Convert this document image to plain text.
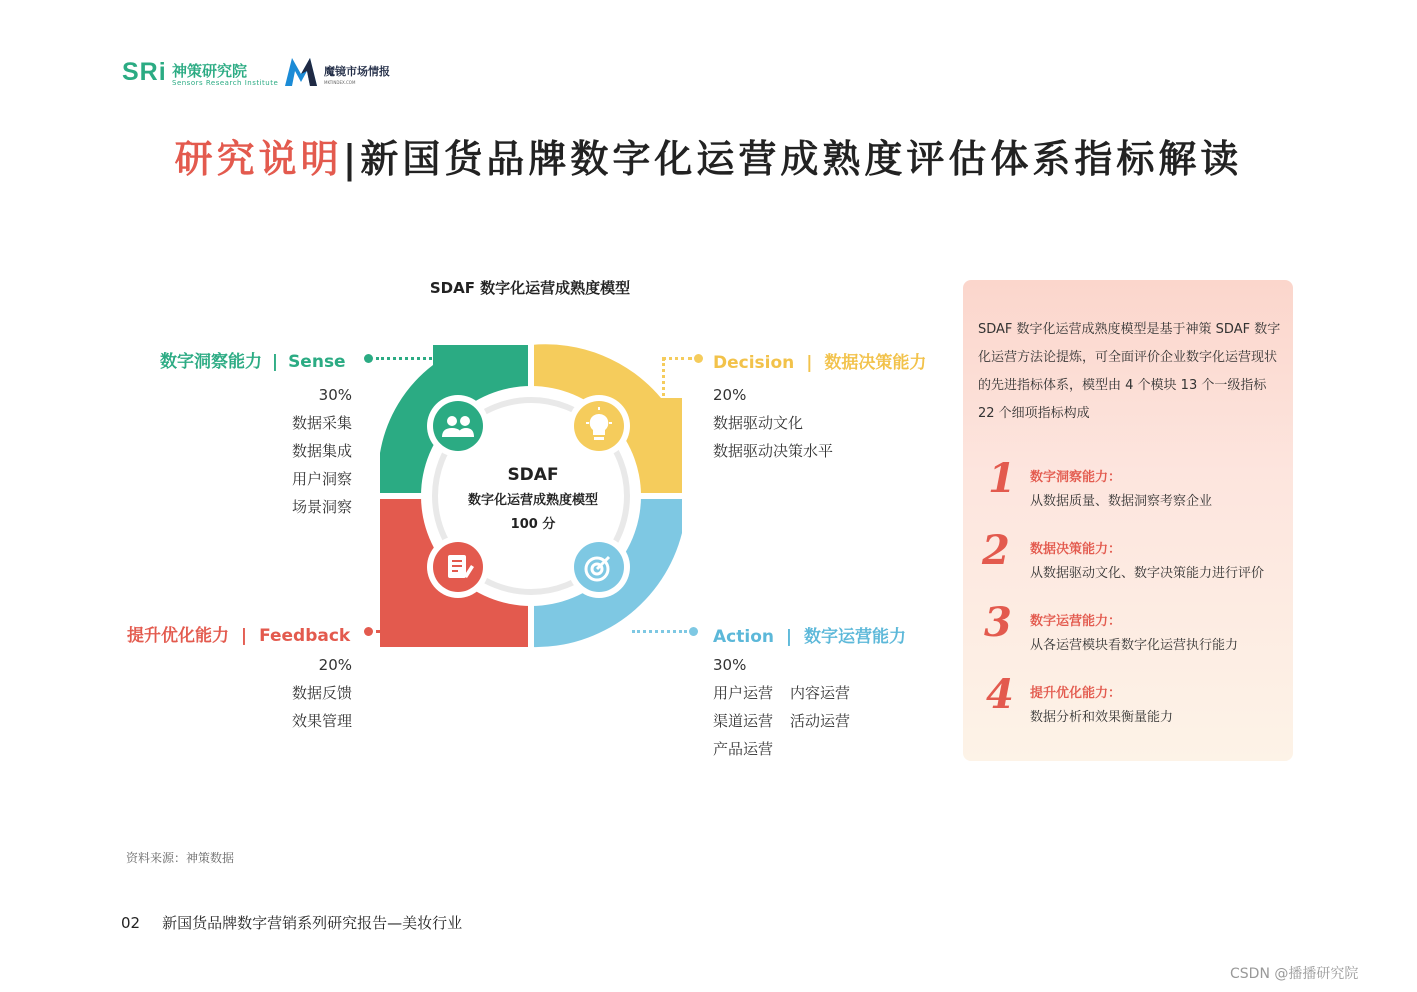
SRi 神策研究院
Sensors Research Institute
魔镜市场情报
MKTINDEX.COM
研究说明|新国货品牌数字化运营成熟度评估体系指标解读
SDAF 数字化运营成熟度模型
SDAF
数字化运营成熟度模型
100 分
数字洞察能力 | Sense
30%
数据采集
数据集成
用户洞察
场景洞察
Decision | 数据决策能力
20%
数据驱动文化
数据驱动决策水平
提升优化能力 | Feedback
20%
数据反馈
效果管理
Action | 数字运营能力
30%
用户运营 内容运营
渠道运营 活动运营
产品运营
SDAF 数字化运营成熟度模型是基于神策 SDAF 数字化运营方法论提炼，可全面评价企业数字化运营现状的先进指标体系，模型由 4 个模块 13 个一级指标 22 个细项指标构成
1 数字洞察能力：
从数据质量、数据洞察考察企业
2 数据决策能力：
从数据驱动文化、数字决策能力进行评价
3 数字运营能力：
从各运营模块看数字化运营执行能力
4 提升优化能力：
数据分析和效果衡量能力
资料来源：神策数据
02 新国货品牌数字营销系列研究报告—美妆行业
CSDN @播播研究院
